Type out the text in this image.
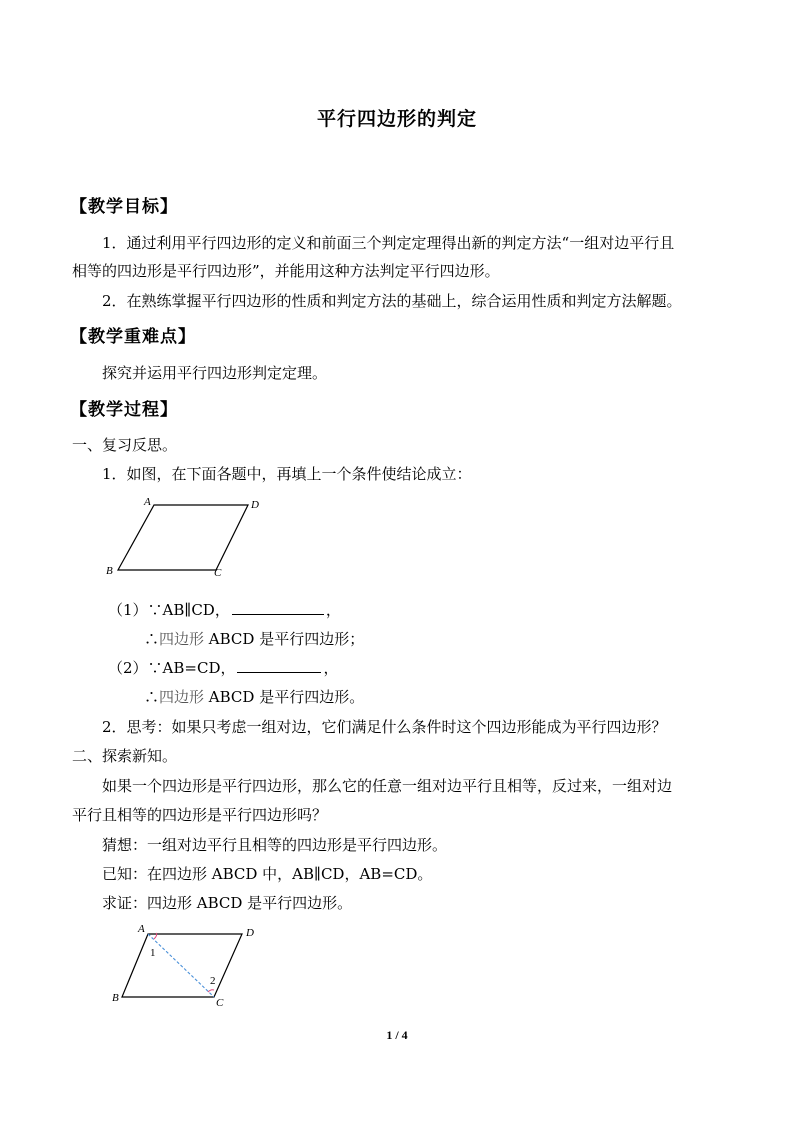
平行四边形的判定
【教学目标】
1．通过利用平行四边形的定义和前面三个判定定理得出新的判定方法“一组对边平行且
相等的四边形是平行四边形”，并能用这种方法判定平行四边形。
2．在熟练掌握平行四边形的性质和判定方法的基础上，综合运用性质和判定方法解题。
【教学重难点】
探究并运用平行四边形判定定理。
【教学过程】
一、复习反思。
1．如图，在下面各题中，再填上一个条件使结论成立：
A	D
B	C
（1）∵AB∥CD，	，
∴四边形 ABCD 是平行四边形；
（2）∵AB=CD，	，
∴四边形 ABCD 是平行四边形。
2．思考：如果只考虑一组对边，它们满足什么条件时这个四边形能成为平行四边形？
二、探索新知。
如果一个四边形是平行四边形，那么它的任意一组对边平行且相等，反过来，一组对边
平行且相等的四边形是平行四边形吗？
猜想：一组对边平行且相等的四边形是平行四边形。
已知：在四边形 ABCD 中，AB∥CD，AB=CD。
求证：四边形 ABCD 是平行四边形。
A	D
B	C
1
2
1 / 4
